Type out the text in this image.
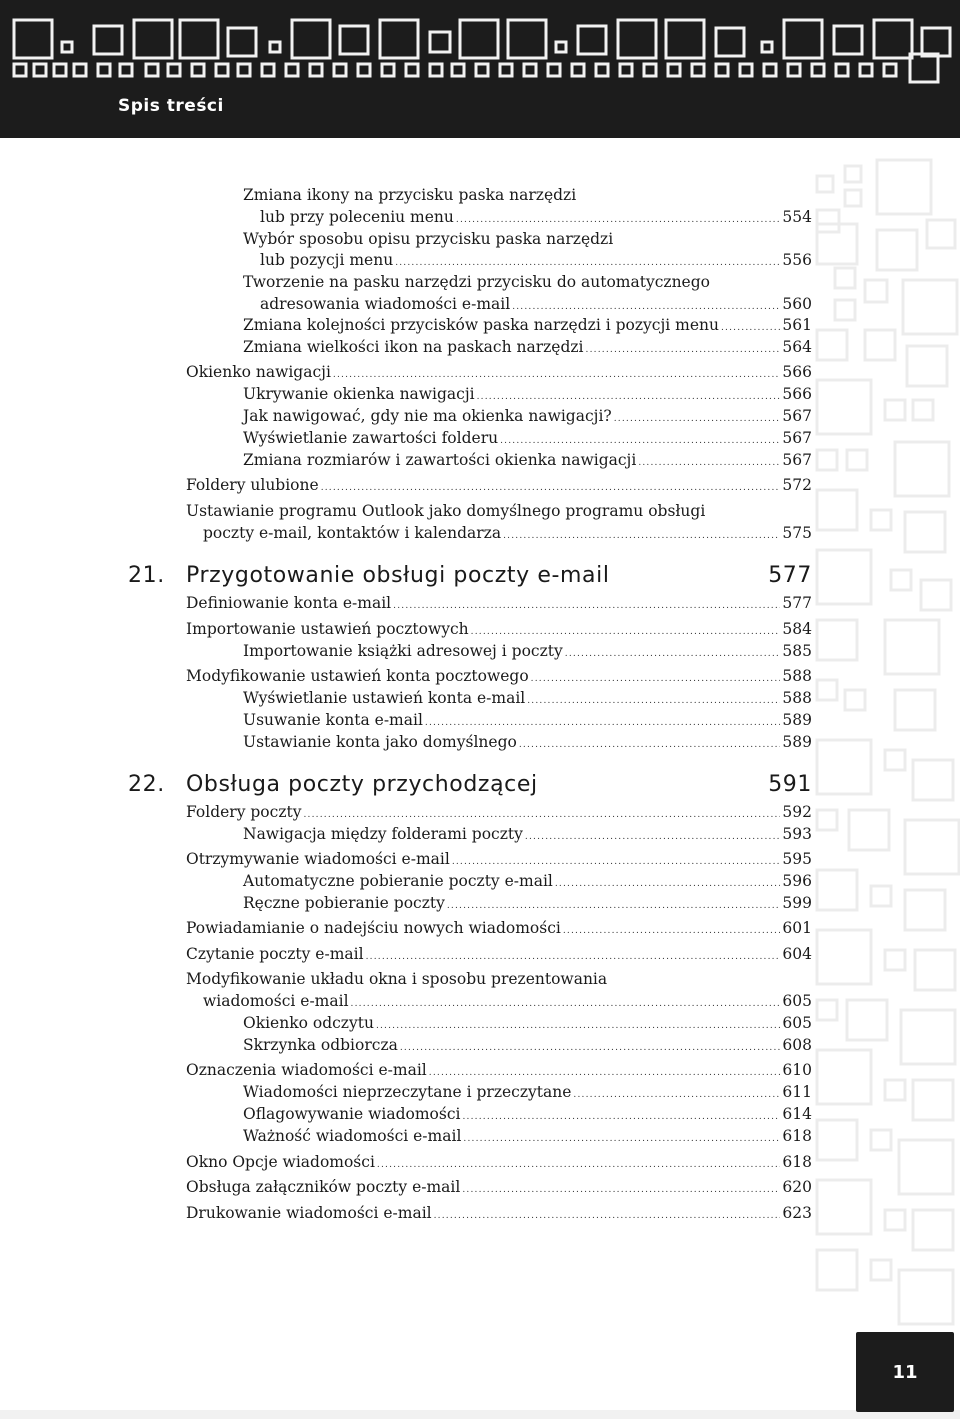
Spis treści
Zmiana ikony na przycisku paska narzędzi
lub przy poleceniu menu .....	554
Wybór sposobu opisu przycisku paska narzędzi
lub pozycji menu .....	556
Tworzenie na pasku narzędzi przycisku do automatycznego
adresowania wiadomości e-mail .....	560
Zmiana kolejności przycisków paska narzędzi i pozycji menu .....	561
Zmiana wielkości ikon na paskach narzędzi .....	564
Okienko nawigacji .....	566
Ukrywanie okienka nawigacji .....	566
Jak nawigować, gdy nie ma okienka nawigacji? .....	567
Wyświetlanie zawartości folderu .....	567
Zmiana rozmiarów i zawartości okienka nawigacji .....	567
Foldery ulubione .....	572
Ustawianie programu Outlook jako domyślnego programu obsługi
poczty e-mail, kontaktów i kalendarza .....	575
21. Przygotowanie obsługi poczty e-mail	577
Definiowanie konta e-mail .....	577
Importowanie ustawień pocztowych .....	584
Importowanie książki adresowej i poczty .....	585
Modyfikowanie ustawień konta pocztowego .....	588
Wyświetlanie ustawień konta e-mail .....	588
Usuwanie konta e-mail .....	589
Ustawianie konta jako domyślnego .....	589
22. Obsługa poczty przychodzącej	591
Foldery poczty .....	592
Nawigacja między folderami poczty .....	593
Otrzymywanie wiadomości e-mail .....	595
Automatyczne pobieranie poczty e-mail .....	596
Ręczne pobieranie poczty .....	599
Powiadamianie o nadejściu nowych wiadomości .....	601
Czytanie poczty e-mail .....	604
Modyfikowanie układu okna i sposobu prezentowania
wiadomości e-mail .....	605
Okienko odczytu .....	605
Skrzynka odbiorcza .....	608
Oznaczenia wiadomości e-mail .....	610
Wiadomości nieprzeczytane i przeczytane .....	611
Oflagowywanie wiadomości .....	614
Ważność wiadomości e-mail .....	618
Okno Opcje wiadomości .....	618
Obsługa załączników poczty e-mail .....	620
Drukowanie wiadomości e-mail .....	623
11
